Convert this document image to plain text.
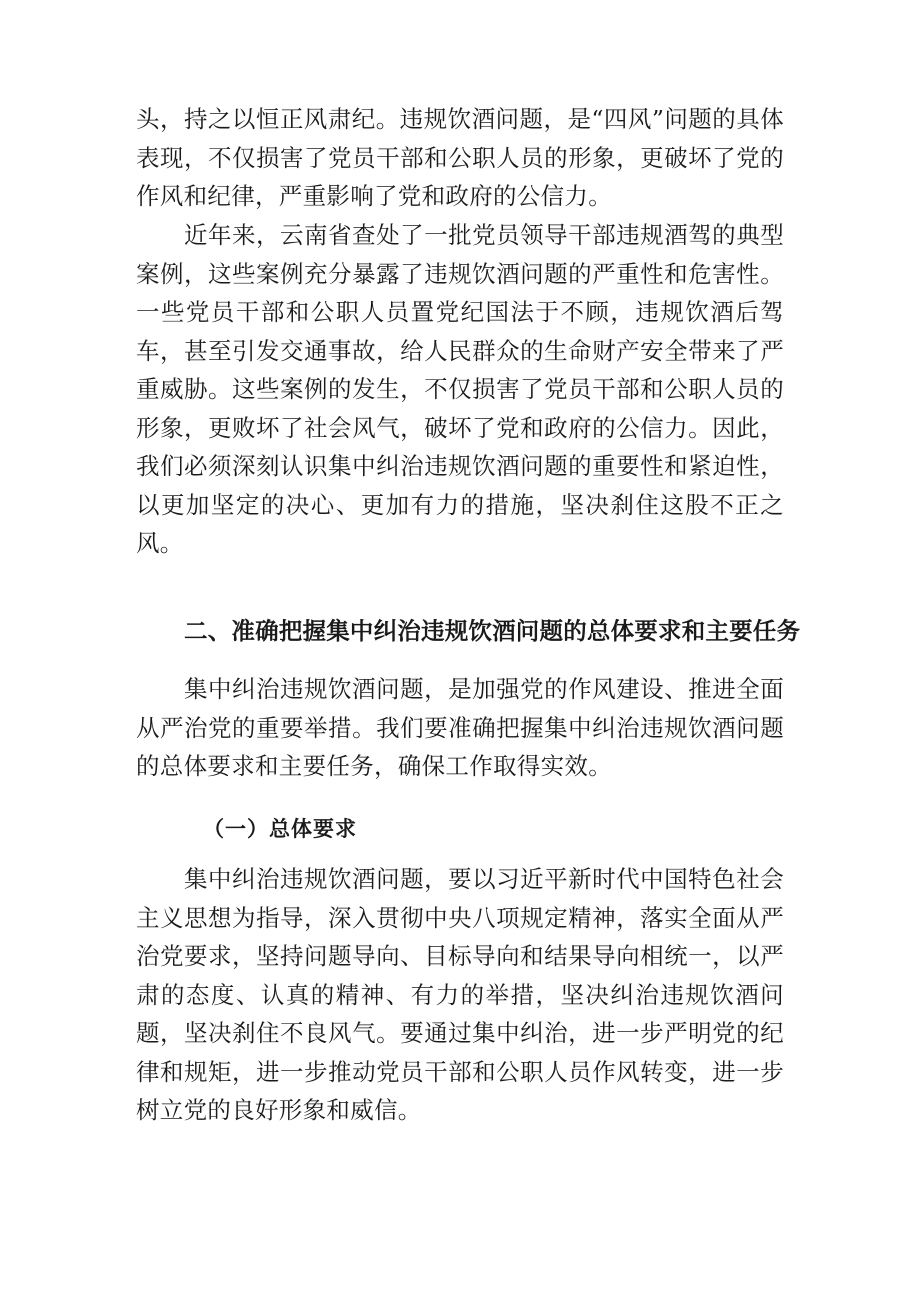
头，持之以恒正风肃纪。违规饮酒问题，是“四风”问题的具体表现，不仅损害了党员干部和公职人员的形象，更破坏了党的作风和纪律，严重影响了党和政府的公信力。

近年来，云南省查处了一批党员领导干部违规酒驾的典型案例，这些案例充分暴露了违规饮酒问题的严重性和危害性。一些党员干部和公职人员置党纪国法于不顾，违规饮酒后驾车，甚至引发交通事故，给人民群众的生命财产安全带来了严重威胁。这些案例的发生，不仅损害了党员干部和公职人员的形象，更败坏了社会风气，破坏了党和政府的公信力。因此，我们必须深刻认识集中纠治违规饮酒问题的重要性和紧迫性，以更加坚定的决心、更加有力的措施，坚决刹住这股不正之风。

二、准确把握集中纠治违规饮酒问题的总体要求和主要任务

集中纠治违规饮酒问题，是加强党的作风建设、推进全面从严治党的重要举措。我们要准确把握集中纠治违规饮酒问题的总体要求和主要任务，确保工作取得实效。

（一）总体要求

集中纠治违规饮酒问题，要以习近平新时代中国特色社会主义思想为指导，深入贯彻中央八项规定精神，落实全面从严治党要求，坚持问题导向、目标导向和结果导向相统一，以严肃的态度、认真的精神、有力的举措，坚决纠治违规饮酒问题，坚决刹住不良风气。要通过集中纠治，进一步严明党的纪律和规矩，进一步推动党员干部和公职人员作风转变，进一步树立党的良好形象和威信。
